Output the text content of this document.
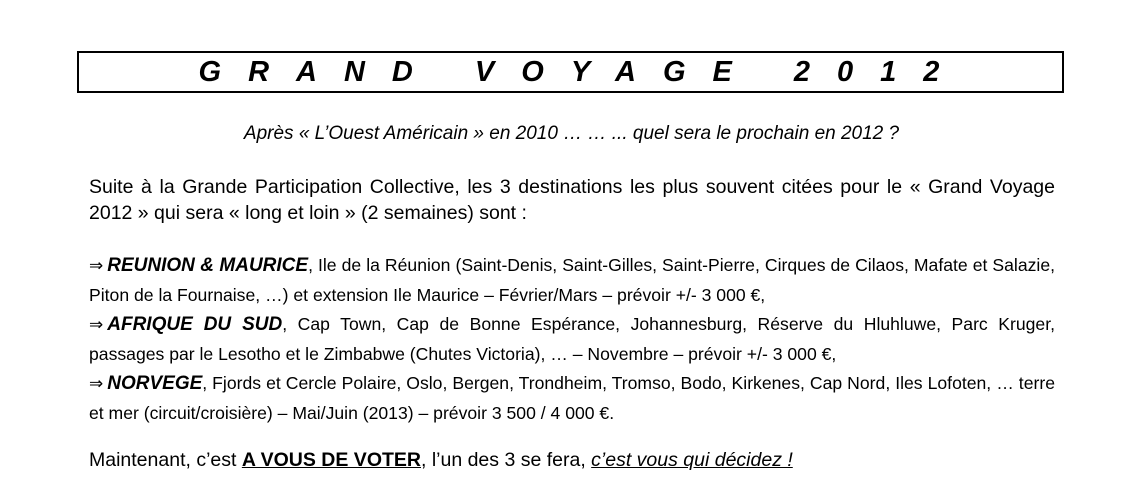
GRAND VOYAGE 2012
Après « L’Ouest Américain » en 2010 … … ... quel sera le prochain en 2012 ?
Suite à la Grande Participation Collective, les 3 destinations les plus souvent citées pour le « Grand Voyage 2012 » qui sera « long et loin » (2 semaines) sont :
⇒ REUNION & MAURICE, Ile de la Réunion (Saint-Denis, Saint-Gilles, Saint-Pierre, Cirques de Cilaos, Mafate et Salazie, Piton de la Fournaise, …) et extension Ile Maurice – Février/Mars – prévoir +/- 3 000 €,
⇒ AFRIQUE DU SUD, Cap Town, Cap de Bonne Espérance, Johannesburg, Réserve du Hluhluwe, Parc Kruger, passages par le Lesotho et le Zimbabwe (Chutes Victoria), … – Novembre – prévoir +/- 3 000 €,
⇒ NORVEGE, Fjords et Cercle Polaire, Oslo, Bergen, Trondheim, Tromso, Bodo, Kirkenes, Cap Nord, Iles Lofoten, … terre et mer (circuit/croisière) – Mai/Juin (2013) – prévoir 3 500 / 4 000 €.
Maintenant, c’est A VOUS DE VOTER, l’un des 3 se fera, c’est vous qui décidez !
